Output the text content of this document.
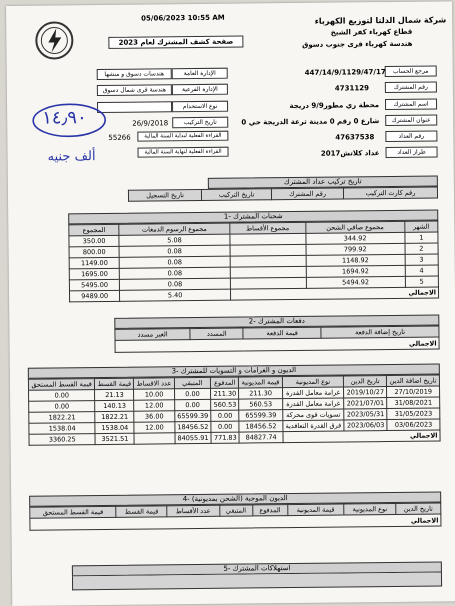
05/06/2023 10:55 AM	شركة شمال الدلتا لتوزيع الكهرباء
قطاع كهرباء كفر الشيخ
هندسة كهرباء قرى جنوب دسوق
صفحة كشف المشترك لعام 2023
الإدارة العامة
هندسات دسوق و منشها
الإدارة الفرعية
هندسة قرى شمال دسوق
نوع الاستخدام
تاريخ التركيب
26/9/2018
القراءة الفعلية لبداية السنة المالية
55266
القراءة الفعلية لنهاية السنة المالية
مرجع الحساب
447/14/9/1129/47/17
رقم المشترك
4731129
اسم المشترك
محطة ري مطور9/9 دريجة
عنوان المشترك
شارع 0 رقم 0 مدينة ترعة الدريجة حي 0
رقم العداد
47637538
طراز العداد
عداد كلاتش2017
١٤٫٩٠
ألف جنيه
تاريخ تركيب عداد المشترك
رقم كارت التركيب	رقم المشترك	تاريخ التركيب	تاريخ التسجيل
شحنات المشترك -1
الشهر	مجموع صافي الشحن	مجموع الأقساط	مجموع الرسوم الدمغات	المجموع
1	344.92		5.08	350.00
2	799.92		0.08	800.00
3	1148.92		0.08	1149.00
4	1694.92		0.08	1695.00
5	5494.92		0.08	5495.00
الاجمالي			5.40	9489.00
دفعات المشترك -2
تاريخ إضافة الدفعة	قيمة الدفعة	المسدد	الغير مسدد
الاجمالي
الديون و الغرامات و التسويات للمشترك -3
تاريخ اضافة الدين	تاريخ الدين	نوع المديونية	قيمة المديونية	المدفوع	المتبقي	عدد الاقساط	قيمة القسط	قيمة القسط المستحق
27/10/2019	2019/10/27	غرامة معامل القدرة	211.30	211.30	0.00	10.00	21.13	0.00
31/08/2021	2021/07/01	غرامة معامل القدرة	560.53	560.53	0.00	12.00	140.13	0.00
31/05/2023	2023/05/31	تسويات قوى محركة	65599.39	0.00	65599.39	36.00	1822.21	1822.21
03/06/2023	2023/06/03	فرق القدرة التعاقدية	18456.52	0.00	18456.52	12.00	1538.04	1538.04
الاجمالي			84827.74	771.83	84055.91		3521.51	3360.25
الديون الموجبة (الشحن بمديونية) -4
تاريخ الدين	نوع المديونية	قيمة المديونية	المدفوع	المتبقي	عدد الأقساط	قيمة القسط	قيمة القسط المستحق
الاجمالي
استهلاكات المشترك -5
